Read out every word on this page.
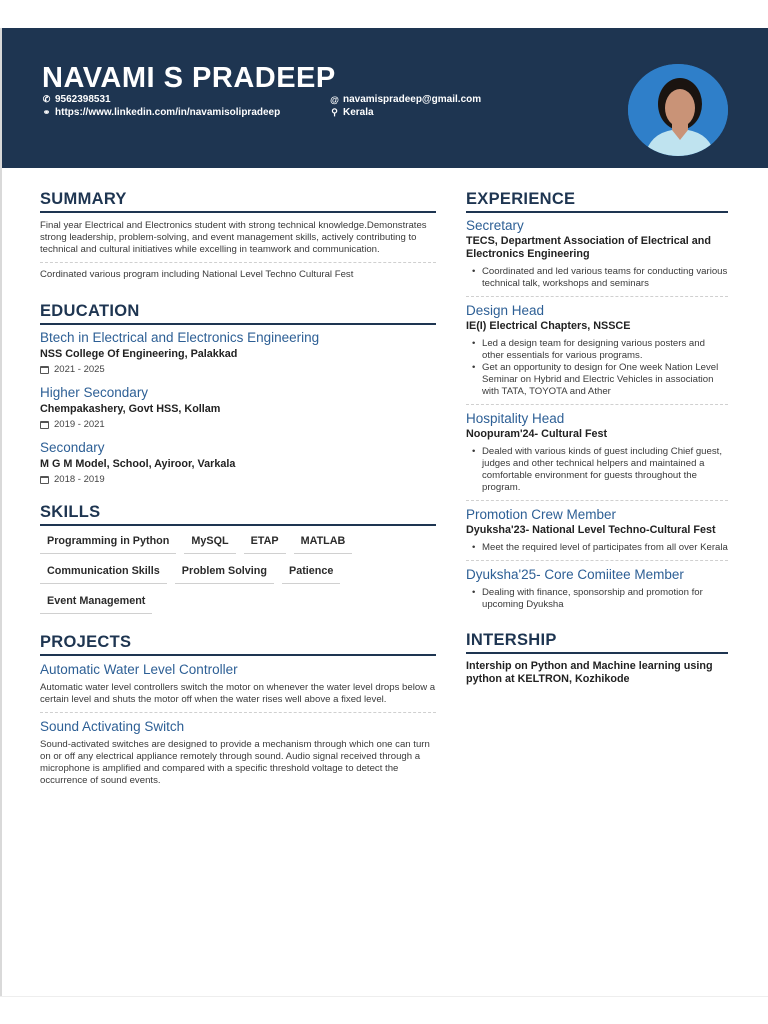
NAVAMI S PRADEEP
✆ 9562398531
⚭ https://www.linkedin.com/in/navamisolipradeep
@ navamispradeep@gmail.com
⚲ Kerala
SUMMARY
Final year Electrical and Electronics student with strong technical knowledge.Demonstrates strong leadership, problem-solving, and event management skills, actively contributing to technical and cultural initiatives while excelling in teamwork and communication.
Cordinated various program including National Level Techno Cultural Fest
EDUCATION
Btech in Electrical and Electronics Engineering
NSS College Of Engineering, Palakkad
2021 - 2025
Higher Secondary
Chempakashery, Govt HSS, Kollam
2019 - 2021
Secondary
M G M Model, School, Ayiroor, Varkala
2018 - 2019
SKILLS
Programming in Python	MySQL	ETAP	MATLAB
Communication Skills	Problem Solving	Patience
Event Management
PROJECTS
Automatic Water Level Controller
Automatic water level controllers switch the motor on whenever the water level drops below a certain level and shuts the motor off when the water rises well above a fixed level.
Sound Activating Switch
Sound-activated switches are designed to provide a mechanism through which one can turn on or off any electrical appliance remotely through sound. Audio signal received through a microphone is amplified and compared with a specific threshold voltage to detect the occurrence of sound events.
EXPERIENCE
Secretary
TECS, Department Association of Electrical and Electronics Engineering
• Coordinated and led various teams for conducting various technical talk, workshops and seminars
Design Head
IE(I) Electrical Chapters, NSSCE
• Led a design team for designing various posters and other essentials for various programs.
• Get an opportunity to design for One week Nation Level Seminar on Hybrid and Electric Vehicles in association with TATA, TOYOTA and Ather
Hospitality Head
Noopuram'24- Cultural Fest
• Dealed with various kinds of guest including Chief guest, judges and other technical helpers and maintained a comfortable environment for guests throughout the program.
Promotion Crew Member
Dyuksha'23- National Level Techno-Cultural Fest
• Meet the required level of participates from all over Kerala
Dyuksha'25- Core Comiitee Member
• Dealing with finance, sponsorship and promotion for upcoming Dyuksha
INTERSHIP
Intership on Python and Machine learning using python at KELTRON, Kozhikode
